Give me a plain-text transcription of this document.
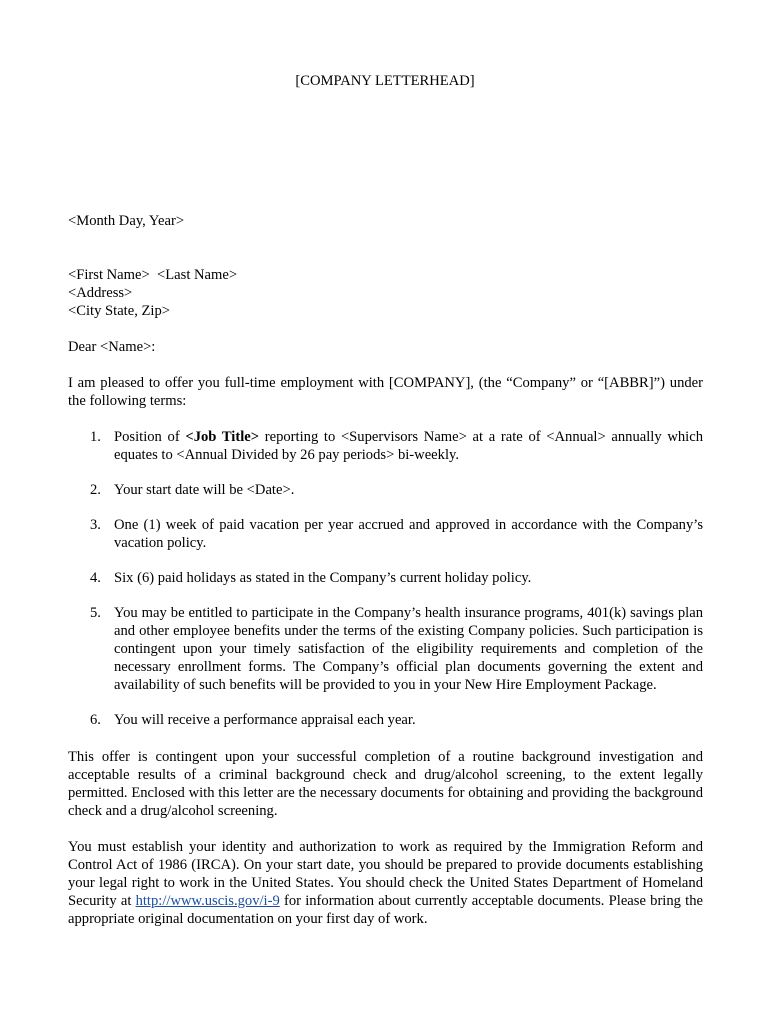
[COMPANY LETTERHEAD]
<Month Day, Year>
<First Name>  <Last Name>
<Address>
<City State, Zip>
Dear <Name>:
I am pleased to offer you full-time employment with [COMPANY], (the “Company” or “[ABBR]”) under the following terms:
1. Position of <Job Title> reporting to <Supervisors Name> at a rate of <Annual> annually which equates to <Annual Divided by 26 pay periods> bi-weekly.
2. Your start date will be <Date>.
3. One (1) week of paid vacation per year accrued and approved in accordance with the Company’s vacation policy.
4. Six (6) paid holidays as stated in the Company’s current holiday policy.
5. You may be entitled to participate in the Company’s health insurance programs, 401(k) savings plan and other employee benefits under the terms of the existing Company policies. Such participation is contingent upon your timely satisfaction of the eligibility requirements and completion of the necessary enrollment forms. The Company’s official plan documents governing the extent and availability of such benefits will be provided to you in your New Hire Employment Package.
6. You will receive a performance appraisal each year.
This offer is contingent upon your successful completion of a routine background investigation and acceptable results of a criminal background check and drug/alcohol screening, to the extent legally permitted. Enclosed with this letter are the necessary documents for obtaining and providing the background check and a drug/alcohol screening.
You must establish your identity and authorization to work as required by the Immigration Reform and Control Act of 1986 (IRCA). On your start date, you should be prepared to provide documents establishing your legal right to work in the United States. You should check the United States Department of Homeland Security at http://www.uscis.gov/i-9 for information about currently acceptable documents. Please bring the appropriate original documentation on your first day of work.
